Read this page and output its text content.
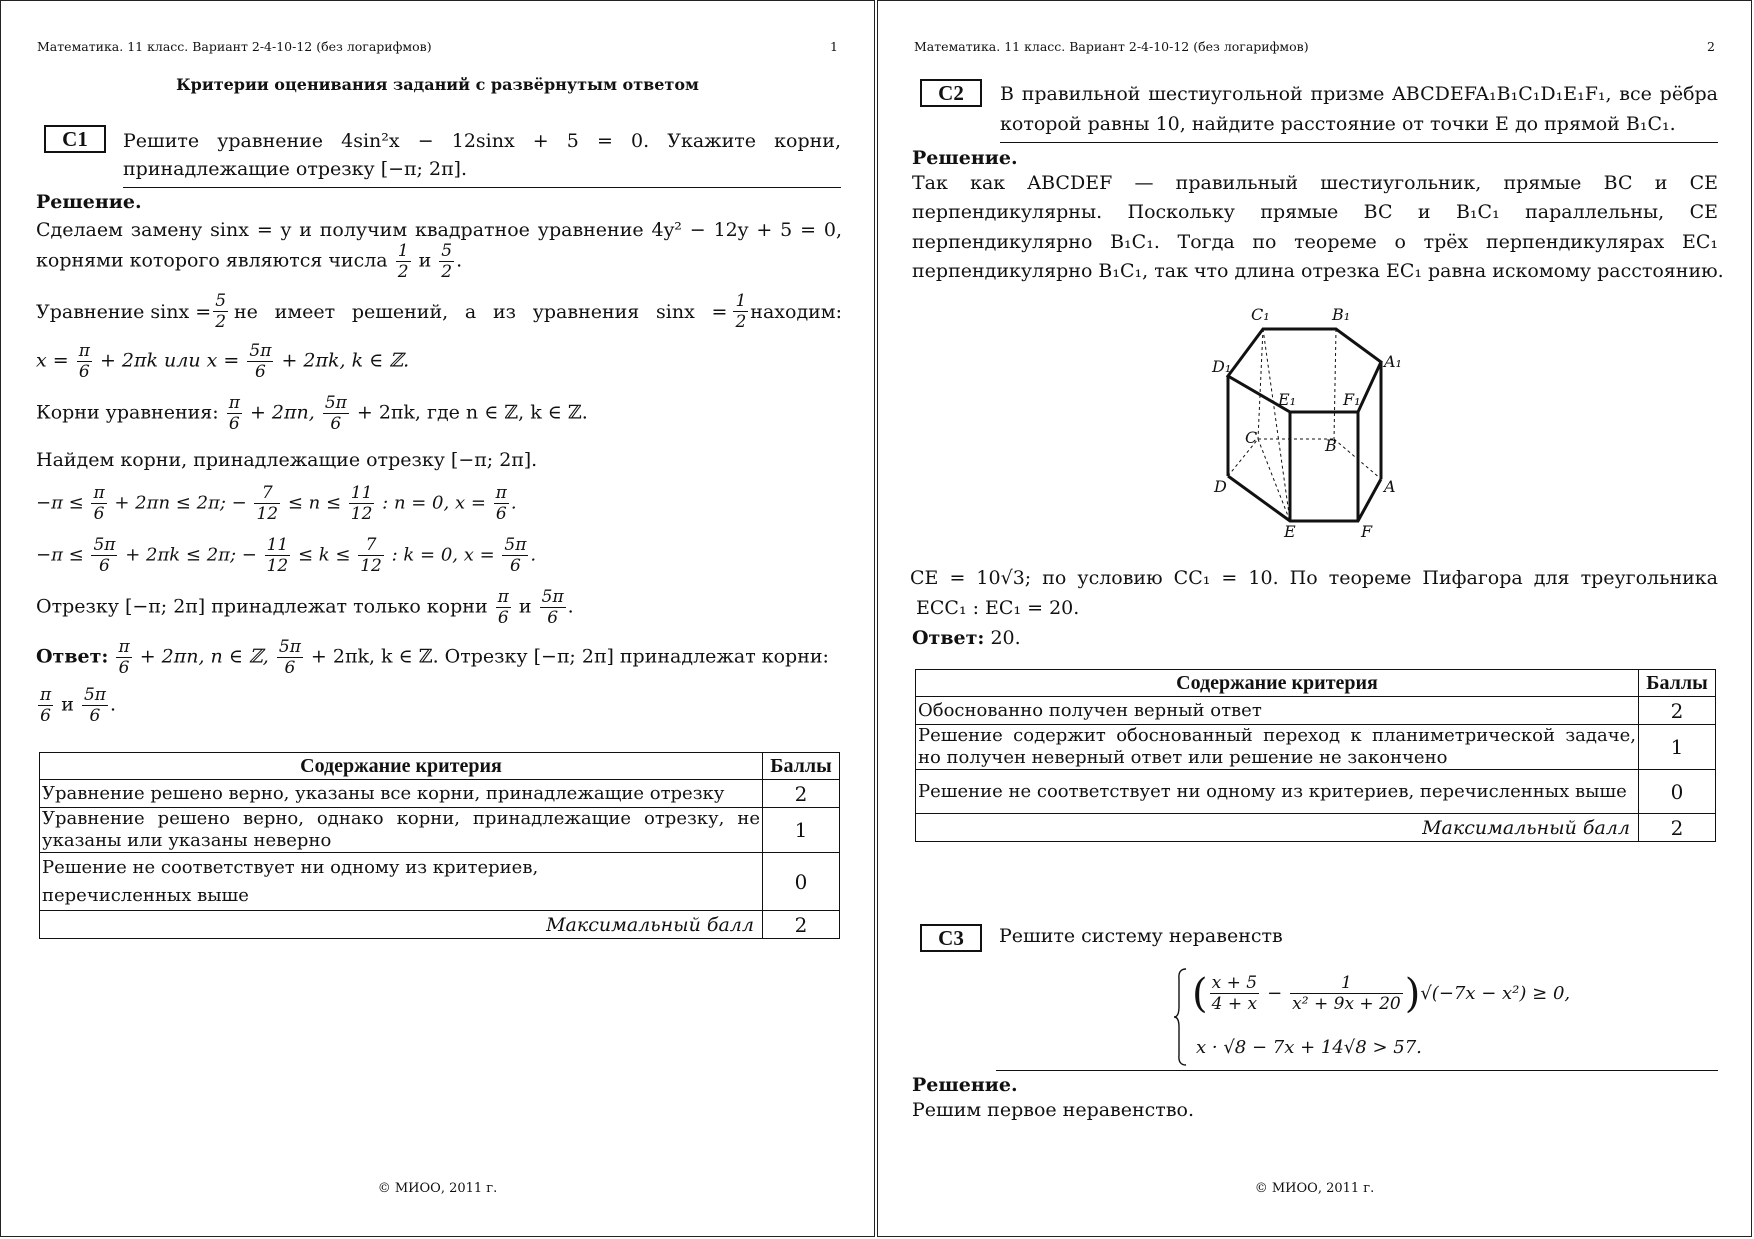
Математика. 11 класс. Вариант 2-4-10-12 (без логарифмов)	1
Критерии оценивания заданий с развёрнутым ответом
C1	Решите уравнение 4sin²x − 12sinx + 5 = 0. Укажите корни,
принадлежащие отрезку [−π; 2π].
Решение.
Сделаем замену sinx = y и получим квадратное уравнение 4y² − 12y + 5 = 0,
корнями которого являются числа $\frac{1}{2}$ и $\frac{5}{2}$ .
Уравнение $\sin x = \frac{5}{2}$ не имеет решений, а из уравнения $\sin x = \frac{1}{2}$ находим:
$x = \frac{\pi}{6} + 2\pi k$ или $x = \frac{5\pi}{6} + 2\pi k$, k ∈ ℤ.
Корни уравнения: $\frac{\pi}{6} + 2\pi n$, $\frac{5\pi}{6} + 2\pi k$, где n ∈ ℤ, k ∈ ℤ.
Найдем корни, принадлежащие отрезку [−π; 2π].
$-\pi \le \frac{\pi}{6} + 2\pi n \le 2\pi$; − $\frac{7}{12} \le n \le \frac{11}{12}$ : n = 0, $x = \frac{\pi}{6}$ .
$-\pi \le \frac{5\pi}{6} + 2\pi k \le 2\pi$; − $\frac{11}{12} \le k \le \frac{7}{12}$ : k = 0, $x = \frac{5\pi}{6}$ .
Отрезку [−π; 2π] принадлежат только корни $\frac{\pi}{6}$ и $\frac{5\pi}{6}$ .
Ответ: $\frac{\pi}{6} + 2\pi n$, n ∈ ℤ, $\frac{5\pi}{6} + 2\pi k$, k ∈ ℤ. Отрезку [−π; 2π] принадлежат корни:
$\frac{\pi}{6}$ и $\frac{5\pi}{6}$ .
Содержание критерия	Баллы
Уравнение решено верно, указаны все корни, принадлежащие отрезку	2
Уравнение решено верно, однако корни, принадлежащие отрезку, не указаны или указаны неверно	1
Решение не соответствует ни одному из критериев, перечисленных выше	0
Максимальный балл	2
© МИОО, 2011 г.
Математика. 11 класс. Вариант 2-4-10-12 (без логарифмов)	2
C2	В правильной шестиугольной призме ABCDEFA₁B₁C₁D₁E₁F₁, все рёбра
которой равны 10, найдите расстояние от точки E до прямой B₁C₁.
Решение.
Так как ABCDEF — правильный шестиугольник, прямые BC и CE
перпендикулярны. Поскольку прямые BC и B₁C₁ параллельны, CE
перпендикулярно B₁C₁. Тогда по теореме о трёх перпендикулярах EC₁
перпендикулярно B₁C₁, так что длина отрезка EC₁ равна искомому расстоянию.
C₁	B₁
A₁
D₁
E₁	F₁
C	B
A
D
E	F
CE = 10√3; по условию CC₁ = 10. По теореме Пифагора для треугольника
ECC₁ : EC₁ = 20.
Ответ: 20.
Содержание критерия	Баллы
Обоснованно получен верный ответ	2
Решение содержит обоснованный переход к планиметрической задаче, но получен неверный ответ или решение не закончено	1
Решение не соответствует ни одному из критериев, перечисленных выше	0
Максимальный балл	2
C3	Решите систему неравенств
( $\frac{x + 5}{4 + x} - \frac{1}{\text{x² + 9x + 20}}$ ) √(−7x − x²) ≥ 0,
x · √8 − 7x + 14√8 > 57.
Решение.
Решим первое неравенство.
© МИОО, 2011 г.
